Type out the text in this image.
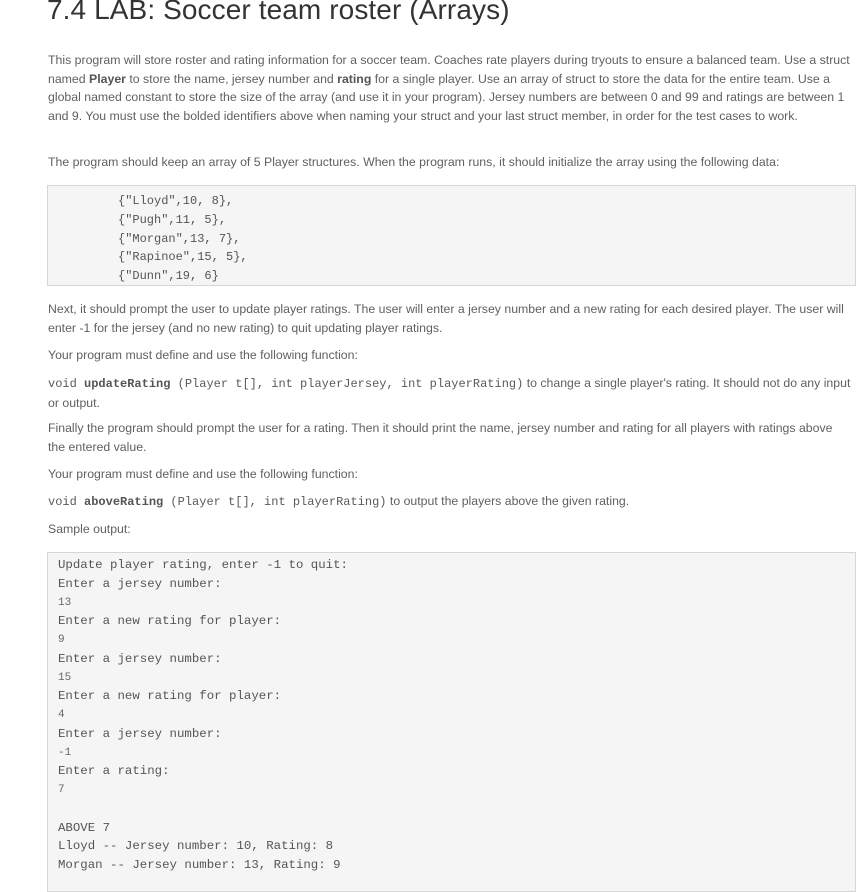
7.4 LAB: Soccer team roster (Arrays)

This program will store roster and rating information for a soccer team. Coaches rate players during tryouts to ensure a balanced team. Use a struct named Player to store the name, jersey number and rating for a single player. Use an array of struct to store the data for the entire team. Use a global named constant to store the size of the array (and use it in your program). Jersey numbers are between 0 and 99 and ratings are between 1 and 9. You must use the bolded identifiers above when naming your struct and your last struct member, in order for the test cases to work.

The program should keep an array of 5 Player structures. When the program runs, it should initialize the array using the following data:

{"Lloyd",10, 8},
{"Pugh",11, 5},
{"Morgan",13, 7},
{"Rapinoe",15, 5},
{"Dunn",19, 6}

Next, it should prompt the user to update player ratings. The user will enter a jersey number and a new rating for each desired player. The user will enter -1 for the jersey (and no new rating) to quit updating player ratings.

Your program must define and use the following function:

void updateRating (Player t[], int playerJersey, int playerRating) to change a single player's rating. It should not do any input or output.

Finally the program should prompt the user for a rating. Then it should print the name, jersey number and rating for all players with ratings above the entered value.

Your program must define and use the following function:

void aboveRating (Player t[], int playerRating) to output the players above the given rating.

Sample output:

Update player rating, enter -1 to quit:
Enter a jersey number:
13
Enter a new rating for player:
9
Enter a jersey number:
15
Enter a new rating for player:
4
Enter a jersey number:
-1
Enter a rating:
7
ABOVE 7
Lloyd -- Jersey number: 10, Rating: 8
Morgan -- Jersey number: 13, Rating: 9
